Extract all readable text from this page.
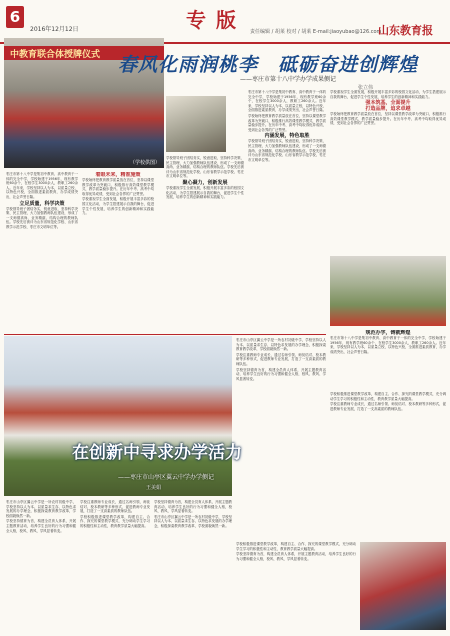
6
2016年12月12日	专版 责任编辑 / 胡莱 校对 / 胡莱 E-mail:jiaoyubao@126.com
山东教育报
中教育联合体授牌仪式
（学校供图）
春风化雨润桃李　砥砺奋进创辉煌
——枣庄市第十八中学办学成果侧记
张立伟

枣庄市第十八中学是集初中教育、高中教育于一体的完全中学，学校始建于1956年，现有教学班60余个，在校学生3000余人，教职工260余人。近年来，学校坚持以人为本，以质量立校，以特色兴校，全面推进素质教育，办学成绩突出，社会声誉日隆。

立足质量，科学决策

学校领导班子团结务实，锐意进取，坚持科学决策、民主管理，大力加强教师队伍建设，形成了一支师德高尚、业务精湛、结构合理的教师队伍。学校先后被评为山东省规范化学校、山东省教学示范学校、枣庄市文明单位等。

着眼未来，精准施策

学校始终把教育教学质量放在首位，坚持以课堂教学改革为突破口，积极推行高效课堂教学模式，教学质量稳步提升。在历年中考、高考中均取得优异成绩，受到社会各界的广泛赞誉。

学校重视学生全面发展，积极开展丰富多彩的校园文化活动，为学生搭建展示自我的舞台，促进学生个性发展，培养学生的创新精神和实践能力。

学校领导班子团结务实，锐意进取，坚持科学决策、民主管理，大力加强教师队伍建设，形成了一支师德高尚、业务精湛、结构合理的教师队伍。学校先后被评为山东省规范化学校、山东省教学示范学校、枣庄市文明单位等。

聚心凝力，创新发展

学校重视学生全面发展，积极开展丰富多彩的校园文化活动，为学生搭建展示自我的舞台，促进学生个性发展，培养学生的创新精神和实践能力。

枣庄市第十八中学是集初中教育、高中教育于一体的完全中学，学校始建于1956年，现有教学班60余个，在校学生3000余人，教职工260余人。近年来，学校坚持以人为本，以质量立校，以特色兴校，全面推进素质教育，办学成绩突出，社会声誉日隆。

学校始终把教育教学质量放在首位，坚持以课堂教学改革为突破口，积极推行高效课堂教学模式，教学质量稳步提升。在历年中考、高考中均取得优异成绩，受到社会各界的广泛赞誉。

内涵发展，特色取胜

学校领导班子团结务实，锐意进取，坚持科学决策、民主管理，大力加强教师队伍建设，形成了一支师德高尚、业务精湛、结构合理的教师队伍。学校先后被评为山东省规范化学校、山东省教学示范学校、枣庄市文明单位等。

学校重视学生全面发展，积极开展丰富多彩的校园文化活动，为学生搭建展示自我的舞台，促进学生个性发展，培养学生的创新精神和实践能力。

强本筑基，全面提升
打造品牌，追求卓越

学校始终把教育教学质量放在首位，坚持以课堂教学改革为突破口，积极推行高效课堂教学模式，教学质量稳步提升。在历年中考、高考中均取得优异成绩，受到社会各界的广泛赞誉。

规范办学，铸就辉煌

枣庄市第十八中学是集初中教育、高中教育于一体的完全中学，学校始建于1956年，现有教学班60余个，在校学生3000余人，教职工260余人。近年来，学校坚持以人为本，以质量立校，以特色兴校，全面推进素质教育，办学成绩突出，社会声誉日隆。

在创新中寻求办学活力
——枣庄市山亭区翼云中学办学侧记
王美娟

枣庄市山亭区翼云中学是一所农村初级中学，学校坚持以人为本、以质量求生存、以特色求发展的办学理念，积极探索教育教学改革，学校面貌焕然一新。

学校注重教师专业成长，通过名师引领、师徒结对、校本教研等多种形式，促进教师专业发展，打造了一支高素质的教师队伍。

学校坚持德育为首，构建全员育人体系，开展主题教育活动，培养学生良好的行为习惯和健全人格，校风、教风、学风显著转变。

学校积极推进课堂教学改革，构建自主、合作、探究的课堂教学模式，充分调动学生学习的积极性和主动性，教育教学质量大幅提高。

学校注重教师专业成长，通过名师引领、师徒结对、校本教研等多种形式，促进教师专业发展，打造了一支高素质的教师队伍。

枣庄市山亭区翼云中学是一所农村初级中学，学校坚持以人为本、以质量求生存、以特色求发展的办学理念，积极探索教育教学改革，学校面貌焕然一新。

学校坚持德育为首，构建全员育人体系，开展主题教育活动，培养学生良好的行为习惯和健全人格，校风、教风、学风显著转变。

学校注重教师专业成长，通过名师引领、师徒结对、校本教研等多种形式，促进教师专业发展，打造了一支高素质的教师队伍。

学校积极推进课堂教学改革，构建自主、合作、探究的课堂教学模式，充分调动学生学习的积极性和主动性，教育教学质量大幅提高。

学校坚持德育为首，构建全员育人体系，开展主题教育活动，培养学生良好的行为习惯和健全人格，校风、教风、学风显著转变。

枣庄市山亭区翼云中学是一所农村初级中学，学校坚持以人为本、以质量求生存、以特色求发展的办学理念，积极探索教育教学改革，学校面貌焕然一新。

学校积极推进课堂教学改革，构建自主、合作、探究的课堂教学模式，充分调动学生学习的积极性和主动性，教育教学质量大幅提高。

学校坚持德育为首，构建全员育人体系，开展主题教育活动，培养学生良好的行为习惯和健全人格，校风、教风、学风显著转变。
